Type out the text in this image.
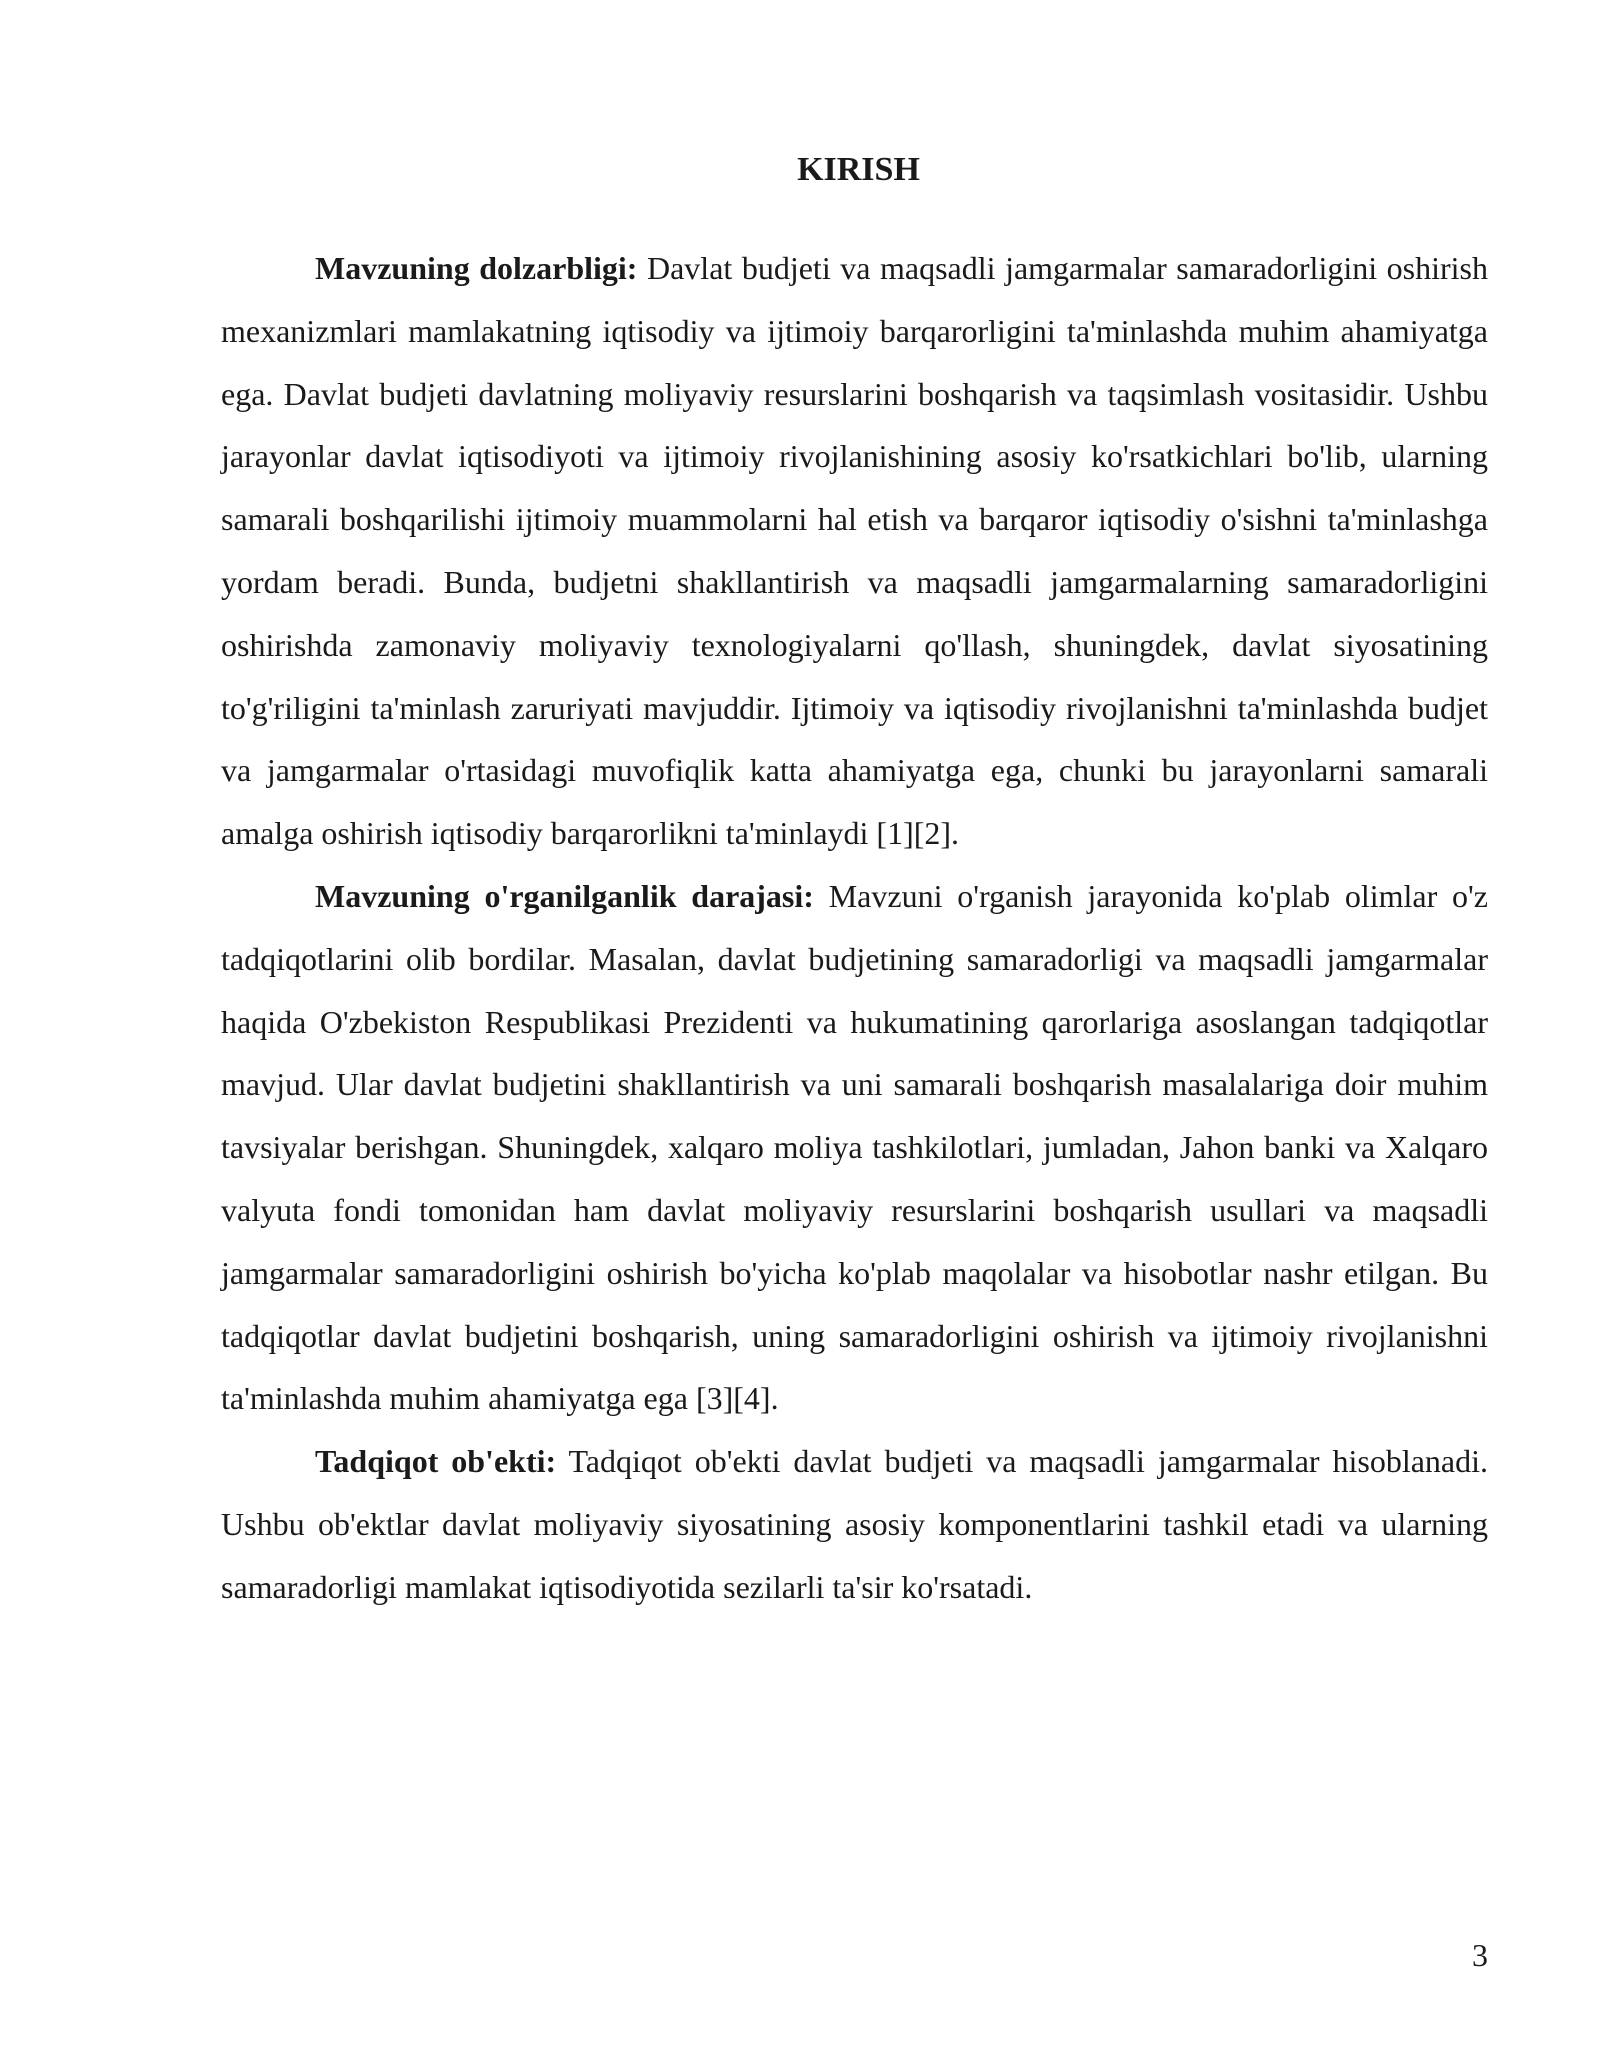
KIRISH

Mavzuning dolzarbligi: Davlat budjeti va maqsadli jamgarmalar samaradorligini oshirish mexanizmlari mamlakatning iqtisodiy va ijtimoiy barqarorligini ta'minlashda muhim ahamiyatga ega. Davlat budjeti davlatning moliyaviy resurslarini boshqarish va taqsimlash vositasidir. Ushbu jarayonlar davlat iqtisodiyoti va ijtimoiy rivojlanishining asosiy ko'rsatkichlari bo'lib, ularning samarali boshqarilishi ijtimoiy muammolarni hal etish va barqaror iqtisodiy o'sishni ta'minlashga yordam beradi. Bunda, budjetni shakllantirish va maqsadli jamgarmalarning samaradorligini oshirishda zamonaviy moliyaviy texnologiyalarni qo'llash, shuningdek, davlat siyosatining to'g'riligini ta'minlash zaruriyati mavjuddir. Ijtimoiy va iqtisodiy rivojlanishni ta'minlashda budjet va jamgarmalar o'rtasidagi muvofiqlik katta ahamiyatga ega, chunki bu jarayonlarni samarali amalga oshirish iqtisodiy barqarorlikni ta'minlaydi [1][2].

Mavzuning o'rganilganlik darajasi: Mavzuni o'rganish jarayonida ko'plab olimlar o'z tadqiqotlarini olib bordilar. Masalan, davlat budjetining samaradorligi va maqsadli jamgarmalar haqida O'zbekiston Respublikasi Prezidenti va hukumatining qarorlariga asoslangan tadqiqotlar mavjud. Ular davlat budjetini shakllantirish va uni samarali boshqarish masalalariga doir muhim tavsiyalar berishgan. Shuningdek, xalqaro moliya tashkilotlari, jumladan, Jahon banki va Xalqaro valyuta fondi tomonidan ham davlat moliyaviy resurslarini boshqarish usullari va maqsadli jamgarmalar samaradorligini oshirish bo'yicha ko'plab maqolalar va hisobotlar nashr etilgan. Bu tadqiqotlar davlat budjetini boshqarish, uning samaradorligini oshirish va ijtimoiy rivojlanishni ta'minlashda muhim ahamiyatga ega [3][4].

Tadqiqot ob'ekti: Tadqiqot ob'ekti davlat budjeti va maqsadli jamgarmalar hisoblanadi. Ushbu ob'ektlar davlat moliyaviy siyosatining asosiy komponentlarini tashkil etadi va ularning samaradorligi mamlakat iqtisodiyotida sezilarli ta'sir ko'rsatadi.

3
